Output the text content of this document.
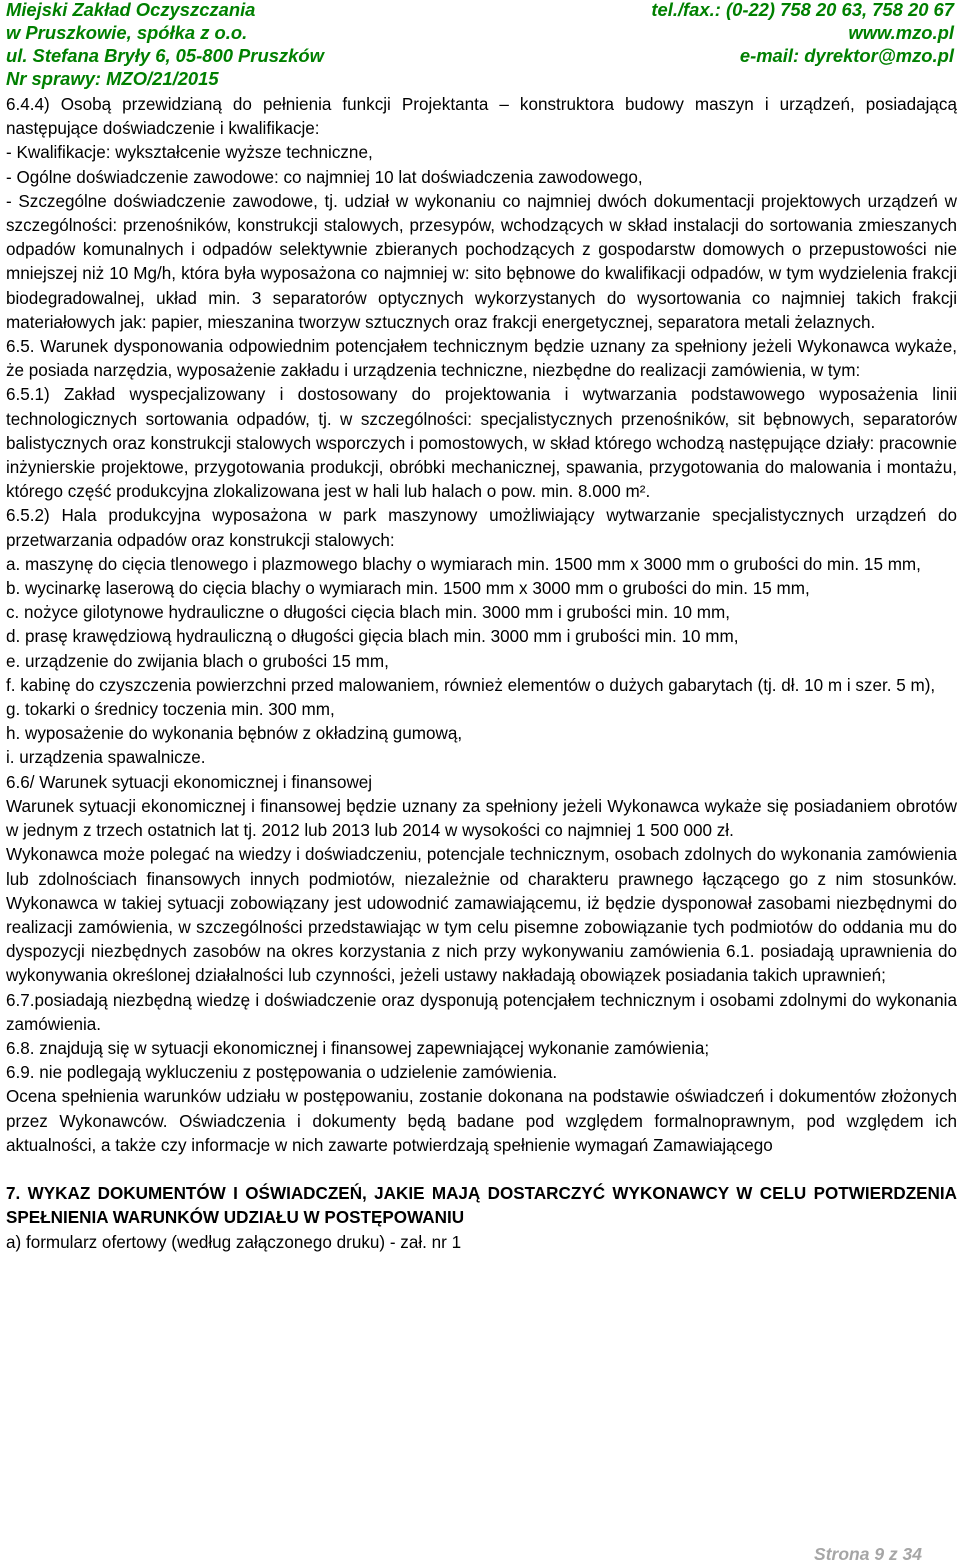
Miejski Zakład Oczyszczania	tel./fax.: (0-22) 758 20 63, 758 20 67
w Pruszkowie, spółka z o.o.	www.mzo.pl
ul. Stefana Bryły 6, 05-800 Pruszków	e-mail: dyrektor@mzo.pl
Nr sprawy: MZO/21/2015

6.4.4) Osobą przewidzianą do pełnienia funkcji Projektanta – konstruktora budowy maszyn i urządzeń, posiadającą następujące doświadczenie i kwalifikacje:

- Kwalifikacje: wykształcenie wyższe techniczne,

- Ogólne doświadczenie zawodowe: co najmniej 10 lat doświadczenia zawodowego,

- Szczególne doświadczenie zawodowe, tj. udział w wykonaniu co najmniej dwóch dokumentacji projektowych urządzeń w szczególności: przenośników, konstrukcji stalowych, przesypów, wchodzących w skład instalacji do sortowania zmieszanych odpadów komunalnych i odpadów selektywnie zbieranych pochodzących z gospodarstw domowych o przepustowości nie mniejszej niż 10 Mg/h, która była wyposażona co najmniej w: sito bębnowe do kwalifikacji odpadów, w tym wydzielenia frakcji biodegradowalnej, układ min. 3 separatorów optycznych wykorzystanych do wysortowania co najmniej takich frakcji materiałowych jak: papier, mieszanina tworzyw sztucznych oraz frakcji energetycznej, separatora metali żelaznych.

6.5. Warunek dysponowania odpowiednim potencjałem technicznym będzie uznany za spełniony jeżeli Wykonawca wykaże, że posiada narzędzia, wyposażenie zakładu i urządzenia techniczne, niezbędne do realizacji zamówienia, w tym:

6.5.1) Zakład wyspecjalizowany i dostosowany do projektowania i wytwarzania podstawowego wyposażenia linii technologicznych sortowania odpadów, tj. w szczególności: specjalistycznych przenośników, sit bębnowych, separatorów balistycznych oraz konstrukcji stalowych wsporczych i pomostowych, w skład którego wchodzą następujące działy: pracownie inżynierskie projektowe, przygotowania produkcji, obróbki mechanicznej, spawania, przygotowania do malowania i montażu, którego część produkcyjna zlokalizowana jest w hali lub halach o pow. min. 8.000 m².

6.5.2) Hala produkcyjna wyposażona w park maszynowy umożliwiający wytwarzanie specjalistycznych urządzeń do przetwarzania odpadów oraz konstrukcji stalowych:

a. maszynę do cięcia tlenowego i plazmowego blachy o wymiarach min. 1500 mm x 3000 mm o grubości do min. 15 mm,

b. wycinarkę laserową do cięcia blachy o wymiarach min. 1500 mm x 3000 mm o grubości do min. 15 mm,

c. nożyce gilotynowe hydrauliczne o długości cięcia blach min. 3000 mm i grubości min. 10 mm,

d. prasę krawędziową hydrauliczną o długości gięcia blach min. 3000 mm i grubości min. 10 mm,

e. urządzenie do zwijania blach o grubości 15 mm,

f. kabinę do czyszczenia powierzchni przed malowaniem, również elementów o dużych gabarytach (tj. dł. 10 m i szer. 5 m),

g. tokarki o średnicy toczenia min. 300 mm,

h. wyposażenie do wykonania bębnów z okładziną gumową,

i. urządzenia spawalnicze.

6.6/ Warunek sytuacji ekonomicznej i finansowej

Warunek sytuacji ekonomicznej i finansowej będzie uznany za spełniony jeżeli Wykonawca wykaże się posiadaniem obrotów w jednym z trzech ostatnich lat tj. 2012 lub 2013 lub 2014 w wysokości co najmniej 1 500 000 zł.

Wykonawca może polegać na wiedzy i doświadczeniu, potencjale technicznym, osobach zdolnych do wykonania zamówienia lub zdolnościach finansowych innych podmiotów, niezależnie od charakteru prawnego łączącego go z nim stosunków. Wykonawca w takiej sytuacji zobowiązany jest udowodnić zamawiającemu, iż będzie dysponował zasobami niezbędnymi do realizacji zamówienia, w szczególności przedstawiając w tym celu pisemne zobowiązanie tych podmiotów do oddania mu do dyspozycji niezbędnych zasobów na okres korzystania z nich przy wykonywaniu zamówienia 6.1. posiadają uprawnienia do wykonywania określonej działalności lub czynności, jeżeli ustawy nakładają obowiązek posiadania takich uprawnień;

6.7.posiadają niezbędną wiedzę i doświadczenie oraz dysponują potencjałem technicznym i osobami zdolnymi do wykonania zamówienia.

6.8. znajdują się w sytuacji ekonomicznej i finansowej zapewniającej wykonanie zamówienia;

6.9. nie podlegają wykluczeniu z postępowania o udzielenie zamówienia.

Ocena spełnienia warunków udziału w postępowaniu, zostanie dokonana na podstawie oświadczeń i dokumentów złożonych przez Wykonawców. Oświadczenia i dokumenty będą badane pod względem formalnoprawnym, pod względem ich aktualności, a także czy informacje w nich zawarte potwierdzają spełnienie wymagań Zamawiającego

7. WYKAZ DOKUMENTÓW I OŚWIADCZEŃ, JAKIE MAJĄ DOSTARCZYĆ WYKONAWCY W CELU POTWIERDZENIA SPEŁNIENIA WARUNKÓW UDZIAŁU W POSTĘPOWANIU

a) formularz ofertowy (według załączonego druku) - zał. nr 1

Strona 9 z 34
